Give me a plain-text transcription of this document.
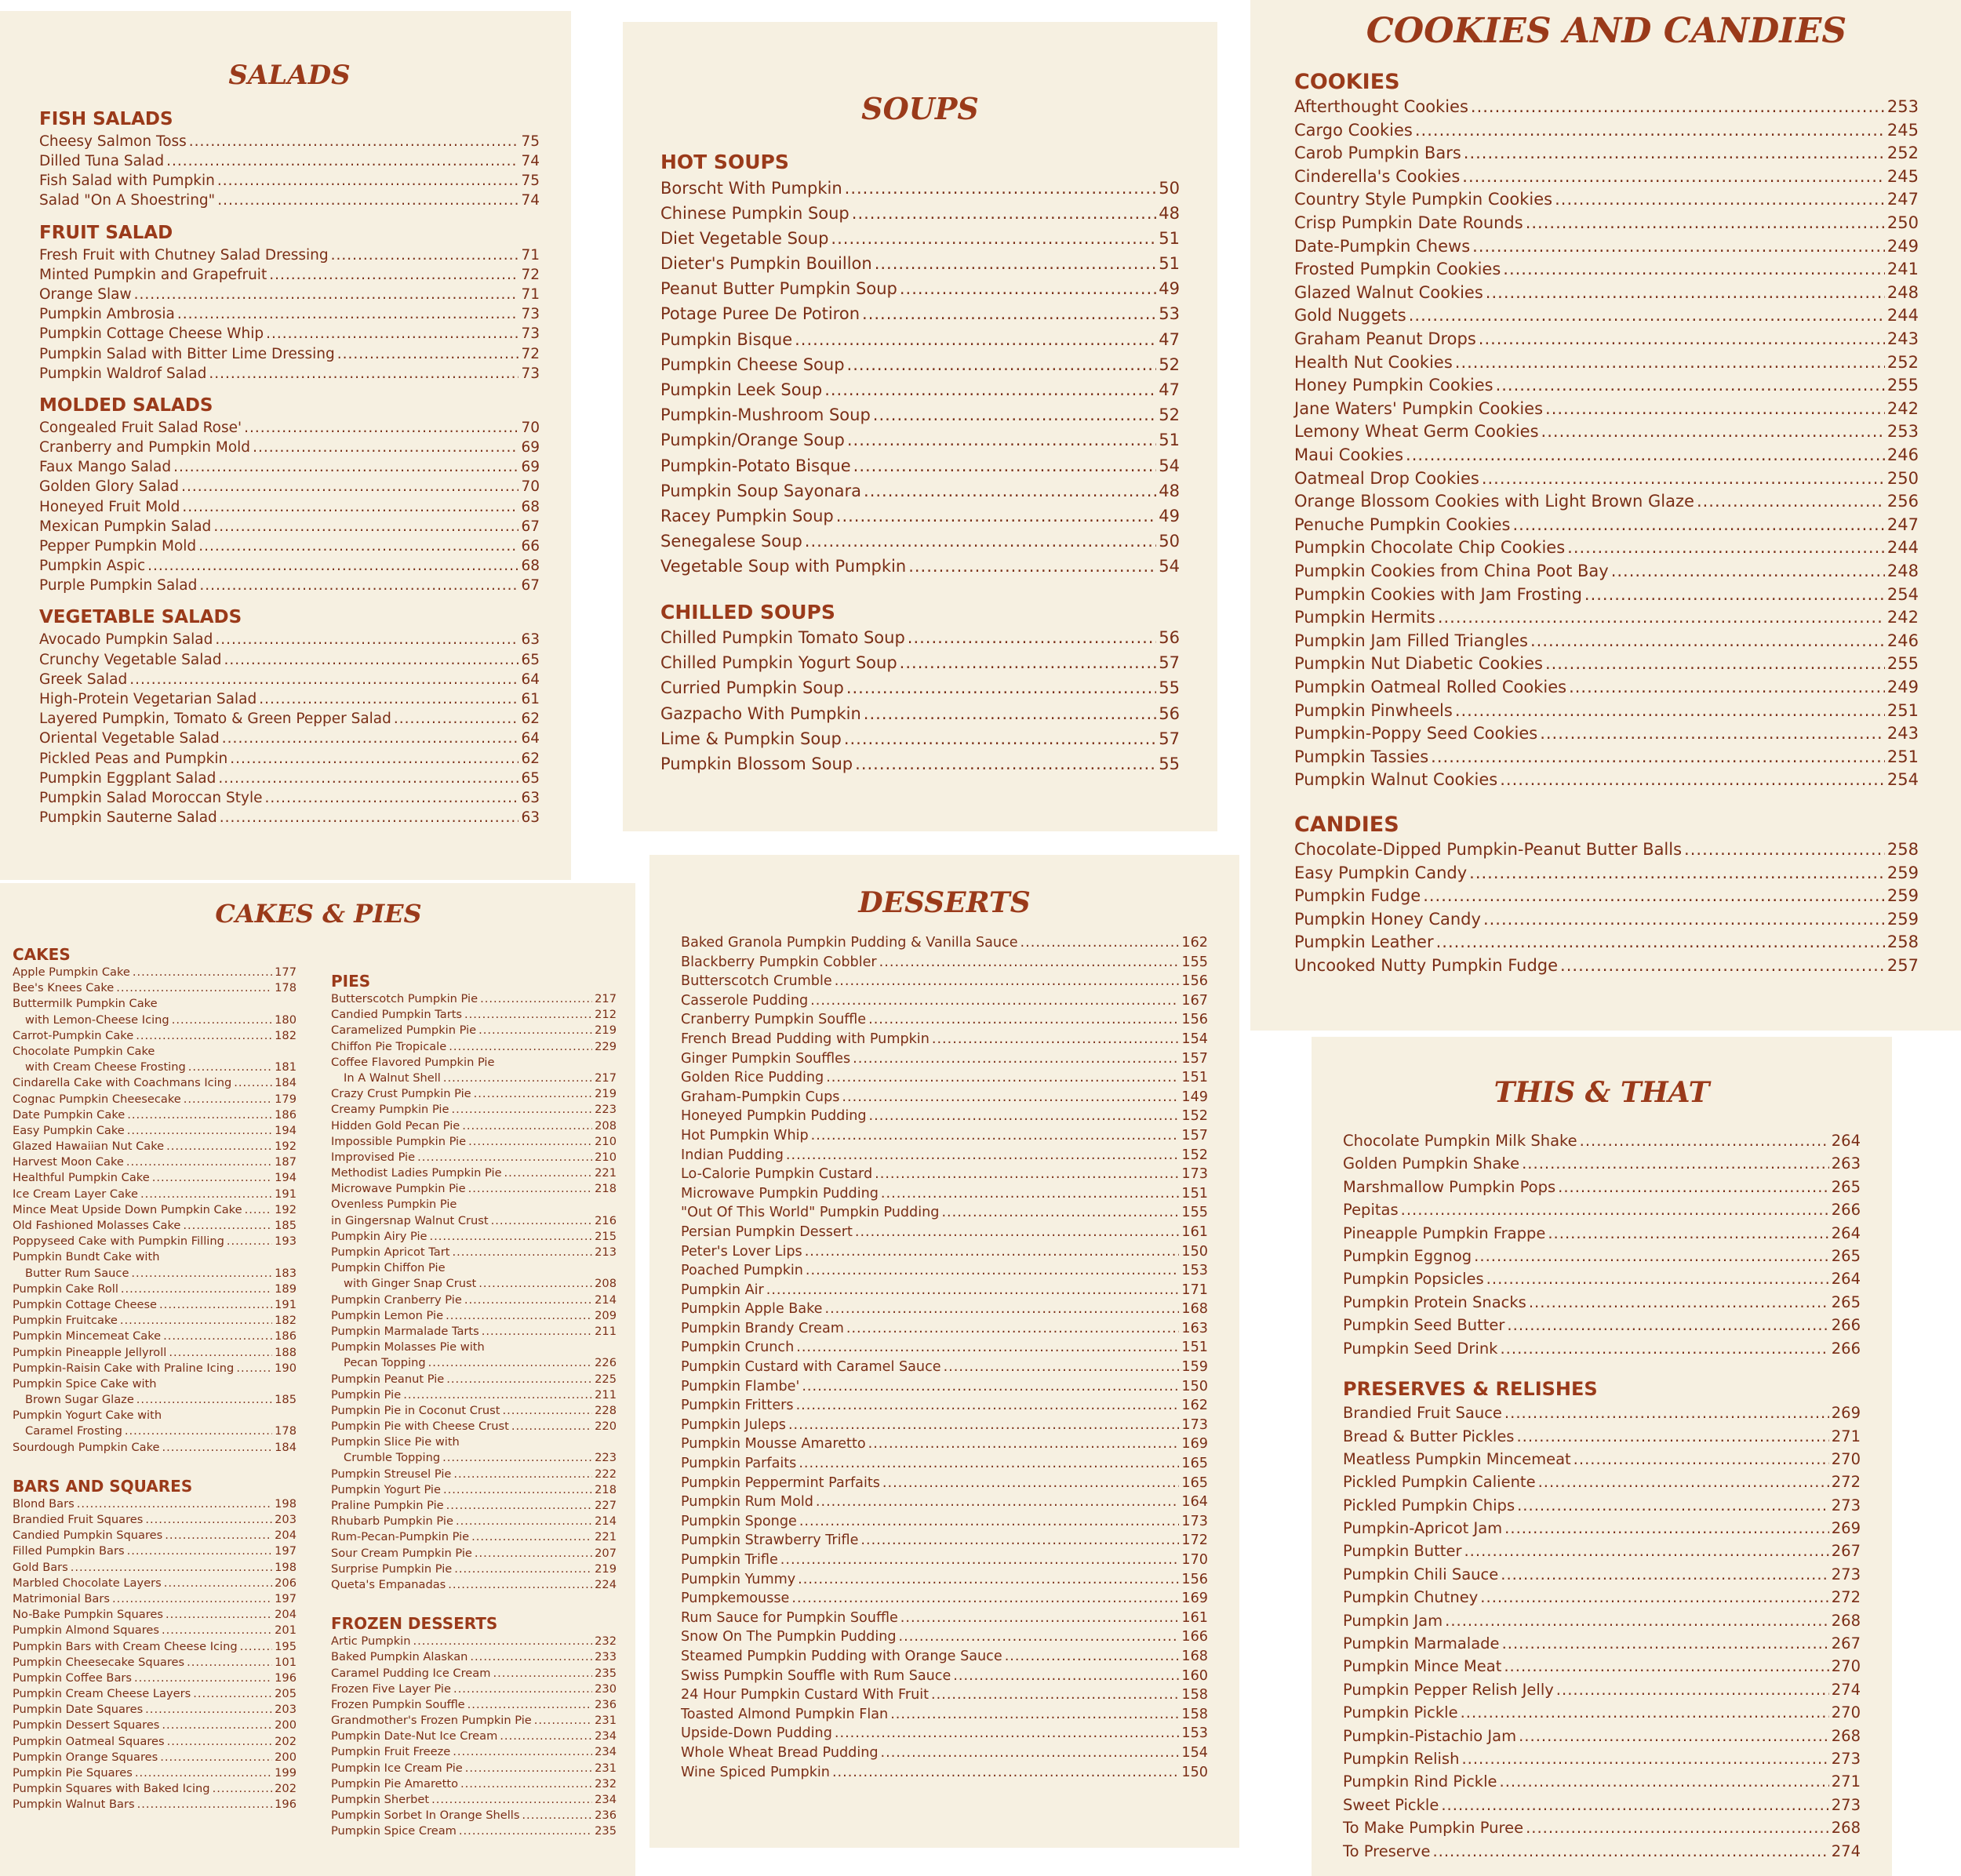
SALADS
FISH SALADS
Cheesy Salmon Toss .....	75
Dilled Tuna Salad .....	74
Fish Salad with Pumpkin .....	75
Salad "On A Shoestring" .....	74
FRUIT SALAD
Fresh Fruit with Chutney Salad Dressing .....	71
Minted Pumpkin and Grapefruit .....	72
Orange Slaw .....	71
Pumpkin Ambrosia .....	73
Pumpkin Cottage Cheese Whip .....	73
Pumpkin Salad with Bitter Lime Dressing .....	72
Pumpkin Waldrof Salad .....	73
MOLDED SALADS
Congealed Fruit Salad Rose' .....	70
Cranberry and Pumpkin Mold .....	69
Faux Mango Salad .....	69
Golden Glory Salad .....	70
Honeyed Fruit Mold .....	68
Mexican Pumpkin Salad .....	67
Pepper Pumpkin Mold .....	66
Pumpkin Aspic .....	68
Purple Pumpkin Salad .....	67
VEGETABLE SALADS
Avocado Pumpkin Salad .....	63
Crunchy Vegetable Salad .....	65
Greek Salad .....	64
High-Protein Vegetarian Salad .....	61
Layered Pumpkin, Tomato & Green Pepper Salad .....	62
Oriental Vegetable Salad .....	64
Pickled Peas and Pumpkin .....	62
Pumpkin Eggplant Salad .....	65
Pumpkin Salad Moroccan Style .....	63
Pumpkin Sauterne Salad .....	63
SOUPS
HOT SOUPS
Borscht With Pumpkin .....	50
Chinese Pumpkin Soup .....	48
Diet Vegetable Soup .....	51
Dieter's Pumpkin Bouillon .....	51
Peanut Butter Pumpkin Soup .....	49
Potage Puree De Potiron .....	53
Pumpkin Bisque .....	47
Pumpkin Cheese Soup .....	52
Pumpkin Leek Soup .....	47
Pumpkin-Mushroom Soup .....	52
Pumpkin/Orange Soup .....	51
Pumpkin-Potato Bisque .....	54
Pumpkin Soup Sayonara .....	48
Racey Pumpkin Soup .....	49
Senegalese Soup .....	50
Vegetable Soup with Pumpkin .....	54
CHILLED SOUPS
Chilled Pumpkin Tomato Soup .....	56
Chilled Pumpkin Yogurt Soup .....	57
Curried Pumpkin Soup .....	55
Gazpacho With Pumpkin .....	56
Lime & Pumpkin Soup .....	57
Pumpkin Blossom Soup .....	55
COOKIES AND CANDIES
COOKIES
Afterthought Cookies .....	253
Cargo Cookies .....	245
Carob Pumpkin Bars .....	252
Cinderella's Cookies .....	245
Country Style Pumpkin Cookies .....	247
Crisp Pumpkin Date Rounds .....	250
Date-Pumpkin Chews .....	249
Frosted Pumpkin Cookies .....	241
Glazed Walnut Cookies .....	248
Gold Nuggets .....	244
Graham Peanut Drops .....	243
Health Nut Cookies .....	252
Honey Pumpkin Cookies .....	255
Jane Waters' Pumpkin Cookies .....	242
Lemony Wheat Germ Cookies .....	253
Maui Cookies .....	246
Oatmeal Drop Cookies .....	250
Orange Blossom Cookies with Light Brown Glaze .....	256
Penuche Pumpkin Cookies .....	247
Pumpkin Chocolate Chip Cookies .....	244
Pumpkin Cookies from China Poot Bay .....	248
Pumpkin Cookies with Jam Frosting .....	254
Pumpkin Hermits .....	242
Pumpkin Jam Filled Triangles .....	246
Pumpkin Nut Diabetic Cookies .....	255
Pumpkin Oatmeal Rolled Cookies .....	249
Pumpkin Pinwheels .....	251
Pumpkin-Poppy Seed Cookies .....	243
Pumpkin Tassies .....	251
Pumpkin Walnut Cookies .....	254
CANDIES
Chocolate-Dipped Pumpkin-Peanut Butter Balls .....	258
Easy Pumpkin Candy .....	259
Pumpkin Fudge .....	259
Pumpkin Honey Candy .....	259
Pumpkin Leather .....	258
Uncooked Nutty Pumpkin Fudge .....	257
CAKES & PIES
CAKES
Apple Pumpkin Cake .....	177
Bee's Knees Cake .....	178
Buttermilk Pumpkin Cake
with Lemon-Cheese Icing .....	180
Carrot-Pumpkin Cake .....	182
Chocolate Pumpkin Cake
with Cream Cheese Frosting .....	181
Cindarella Cake with Coachmans Icing .....	184
Cognac Pumpkin Cheesecake .....	179
Date Pumpkin Cake .....	186
Easy Pumpkin Cake .....	194
Glazed Hawaiian Nut Cake .....	192
Harvest Moon Cake .....	187
Healthful Pumpkin Cake .....	194
Ice Cream Layer Cake .....	191
Mince Meat Upside Down Pumpkin Cake .....	192
Old Fashioned Molasses Cake .....	185
Poppyseed Cake with Pumpkin Filling .....	193
Pumpkin Bundt Cake with
Butter Rum Sauce .....	183
Pumpkin Cake Roll .....	189
Pumpkin Cottage Cheese .....	191
Pumpkin Fruitcake .....	182
Pumpkin Mincemeat Cake .....	186
Pumpkin Pineapple Jellyroll .....	188
Pumpkin-Raisin Cake with Praline Icing .....	190
Pumpkin Spice Cake with
Brown Sugar Glaze .....	185
Pumpkin Yogurt Cake with
Caramel Frosting .....	178
Sourdough Pumpkin Cake .....	184
BARS AND SQUARES
Blond Bars .....	198
Brandied Fruit Squares .....	203
Candied Pumpkin Squares .....	204
Filled Pumpkin Bars .....	197
Gold Bars .....	198
Marbled Chocolate Layers .....	206
Matrimonial Bars .....	197
No-Bake Pumpkin Squares .....	204
Pumpkin Almond Squares .....	201
Pumpkin Bars with Cream Cheese Icing .....	195
Pumpkin Cheesecake Squares .....	101
Pumpkin Coffee Bars .....	196
Pumpkin Cream Cheese Layers .....	205
Pumpkin Date Squares .....	203
Pumpkin Dessert Squares .....	200
Pumpkin Oatmeal Squares .....	202
Pumpkin Orange Squares .....	200
Pumpkin Pie Squares .....	199
Pumpkin Squares with Baked Icing .....	202
Pumpkin Walnut Bars .....	196
PIES
Butterscotch Pumpkin Pie .....	217
Candied Pumpkin Tarts .....	212
Caramelized Pumpkin Pie .....	219
Chiffon Pie Tropicale .....	229
Coffee Flavored Pumpkin Pie
In A Walnut Shell .....	217
Crazy Crust Pumpkin Pie .....	219
Creamy Pumpkin Pie .....	223
Hidden Gold Pecan Pie .....	208
Impossible Pumpkin Pie .....	210
Improvised Pie .....	210
Methodist Ladies Pumpkin Pie .....	221
Microwave Pumpkin Pie .....	218
Ovenless Pumpkin Pie
in Gingersnap Walnut Crust .....	216
Pumpkin Airy Pie .....	215
Pumpkin Apricot Tart .....	213
Pumpkin Chiffon Pie
with Ginger Snap Crust .....	208
Pumpkin Cranberry Pie .....	214
Pumpkin Lemon Pie .....	209
Pumpkin Marmalade Tarts .....	211
Pumpkin Molasses Pie with
Pecan Topping .....	226
Pumpkin Peanut Pie .....	225
Pumpkin Pie .....	211
Pumpkin Pie in Coconut Crust .....	228
Pumpkin Pie with Cheese Crust .....	220
Pumpkin Slice Pie with
Crumble Topping .....	223
Pumpkin Streusel Pie .....	222
Pumpkin Yogurt Pie .....	218
Praline Pumpkin Pie .....	227
Rhubarb Pumpkin Pie .....	214
Rum-Pecan-Pumpkin Pie .....	221
Sour Cream Pumpkin Pie .....	207
Surprise Pumpkin Pie .....	219
Queta's Empanadas .....	224
FROZEN DESSERTS
Artic Pumpkin .....	232
Baked Pumpkin Alaskan .....	233
Caramel Pudding Ice Cream .....	235
Frozen Five Layer Pie .....	230
Frozen Pumpkin Souffle .....	236
Grandmother's Frozen Pumpkin Pie .....	231
Pumpkin Date-Nut Ice Cream .....	234
Pumpkin Fruit Freeze .....	234
Pumpkin Ice Cream Pie .....	231
Pumpkin Pie Amaretto .....	232
Pumpkin Sherbet .....	234
Pumpkin Sorbet In Orange Shells .....	236
Pumpkin Spice Cream .....	235
DESSERTS
Baked Granola Pumpkin Pudding & Vanilla Sauce .....	162
Blackberry Pumpkin Cobbler .....	155
Butterscotch Crumble .....	156
Casserole Pudding .....	167
Cranberry Pumpkin Souffle .....	156
French Bread Pudding with Pumpkin .....	154
Ginger Pumpkin Souffles .....	157
Golden Rice Pudding .....	151
Graham-Pumpkin Cups .....	149
Honeyed Pumpkin Pudding .....	152
Hot Pumpkin Whip .....	157
Indian Pudding .....	152
Lo-Calorie Pumpkin Custard .....	173
Microwave Pumpkin Pudding .....	151
"Out Of This World" Pumpkin Pudding .....	155
Persian Pumpkin Dessert .....	161
Peter's Lover Lips .....	150
Poached Pumpkin .....	153
Pumpkin Air .....	171
Pumpkin Apple Bake .....	168
Pumpkin Brandy Cream .....	163
Pumpkin Crunch .....	151
Pumpkin Custard with Caramel Sauce .....	159
Pumpkin Flambe' .....	150
Pumpkin Fritters .....	162
Pumpkin Juleps .....	173
Pumpkin Mousse Amaretto .....	169
Pumpkin Parfaits .....	165
Pumpkin Peppermint Parfaits .....	165
Pumpkin Rum Mold .....	164
Pumpkin Sponge .....	173
Pumpkin Strawberry Trifle .....	172
Pumpkin Trifle .....	170
Pumpkin Yummy .....	156
Pumpkemousse .....	169
Rum Sauce for Pumpkin Souffle .....	161
Snow On The Pumpkin Pudding .....	166
Steamed Pumpkin Pudding with Orange Sauce .....	168
Swiss Pumpkin Souffle with Rum Sauce .....	160
24 Hour Pumpkin Custard With Fruit .....	158
Toasted Almond Pumpkin Flan .....	158
Upside-Down Pudding .....	153
Whole Wheat Bread Pudding .....	154
Wine Spiced Pumpkin .....	150
THIS & THAT
Chocolate Pumpkin Milk Shake .....	264
Golden Pumpkin Shake .....	263
Marshmallow Pumpkin Pops .....	265
Pepitas .....	266
Pineapple Pumpkin Frappe .....	264
Pumpkin Eggnog .....	265
Pumpkin Popsicles .....	264
Pumpkin Protein Snacks .....	265
Pumpkin Seed Butter .....	266
Pumpkin Seed Drink .....	266
PRESERVES & RELISHES
Brandied Fruit Sauce .....	269
Bread & Butter Pickles .....	271
Meatless Pumpkin Mincemeat .....	270
Pickled Pumpkin Caliente .....	272
Pickled Pumpkin Chips .....	273
Pumpkin-Apricot Jam .....	269
Pumpkin Butter .....	267
Pumpkin Chili Sauce .....	273
Pumpkin Chutney .....	272
Pumpkin Jam .....	268
Pumpkin Marmalade .....	267
Pumpkin Mince Meat .....	270
Pumpkin Pepper Relish Jelly .....	274
Pumpkin Pickle .....	270
Pumpkin-Pistachio Jam .....	268
Pumpkin Relish .....	273
Pumpkin Rind Pickle .....	271
Sweet Pickle .....	273
To Make Pumpkin Puree .....	268
To Preserve .....	274
